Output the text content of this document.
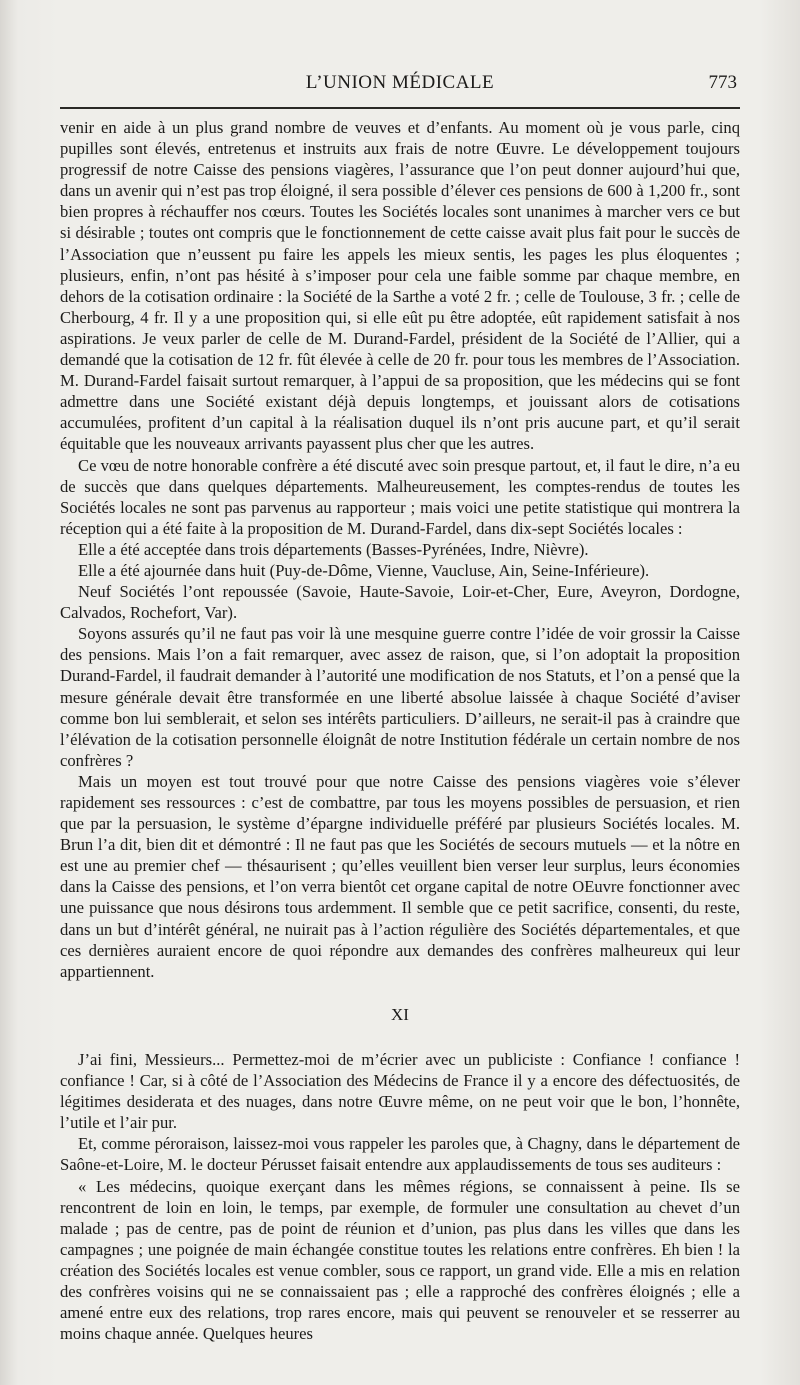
L’UNION MÉDICALE	773

venir en aide à un plus grand nombre de veuves et d’enfants. Au moment où je vous parle, cinq pupilles sont élevés, entretenus et instruits aux frais de notre Œuvre. Le développement toujours progressif de notre Caisse des pensions viagères, l’assurance que l’on peut donner aujourd’hui que, dans un avenir qui n’est pas trop éloigné, il sera possible d’élever ces pensions de 600 à 1,200 fr., sont bien propres à réchauffer nos cœurs. Toutes les Sociétés locales sont unanimes à marcher vers ce but si désirable ; toutes ont compris que le fonctionnement de cette caisse avait plus fait pour le succès de l’Association que n’eussent pu faire les appels les mieux sentis, les pages les plus éloquentes ; plusieurs, enfin, n’ont pas hésité à s’imposer pour cela une faible somme par chaque membre, en dehors de la cotisation ordinaire : la Société de la Sarthe a voté 2 fr. ; celle de Toulouse, 3 fr. ; celle de Cherbourg, 4 fr. Il y a une proposition qui, si elle eût pu être adoptée, eût rapidement satisfait à nos aspirations. Je veux parler de celle de M. Durand-Fardel, président de la Société de l’Allier, qui a demandé que la cotisation de 12 fr. fût élevée à celle de 20 fr. pour tous les membres de l’Association. M. Durand-Fardel faisait surtout remarquer, à l’appui de sa proposition, que les médecins qui se font admettre dans une Société existant déjà depuis longtemps, et jouissant alors de cotisations accumulées, profitent d’un capital à la réalisation duquel ils n’ont pris aucune part, et qu’il serait équitable que les nouveaux arrivants payassent plus cher que les autres.

Ce vœu de notre honorable confrère a été discuté avec soin presque partout, et, il faut le dire, n’a eu de succès que dans quelques départements. Malheureusement, les comptes-rendus de toutes les Sociétés locales ne sont pas parvenus au rapporteur ; mais voici une petite statistique qui montrera la réception qui a été faite à la proposition de M. Durand-Fardel, dans dix-sept Sociétés locales :

Elle a été acceptée dans trois départements (Basses-Pyrénées, Indre, Nièvre).

Elle a été ajournée dans huit (Puy-de-Dôme, Vienne, Vaucluse, Ain, Seine-Inférieure).

Neuf Sociétés l’ont repoussée (Savoie, Haute-Savoie, Loir-et-Cher, Eure, Aveyron, Dordogne, Calvados, Rochefort, Var).

Soyons assurés qu’il ne faut pas voir là une mesquine guerre contre l’idée de voir grossir la Caisse des pensions. Mais l’on a fait remarquer, avec assez de raison, que, si l’on adoptait la proposition Durand-Fardel, il faudrait demander à l’autorité une modification de nos Statuts, et l’on a pensé que la mesure générale devait être transformée en une liberté absolue laissée à chaque Société d’aviser comme bon lui semblerait, et selon ses intérêts particuliers. D’ailleurs, ne serait-il pas à craindre que l’élévation de la cotisation personnelle éloignât de notre Institution fédérale un certain nombre de nos confrères ?

Mais un moyen est tout trouvé pour que notre Caisse des pensions viagères voie s’élever rapidement ses ressources : c’est de combattre, par tous les moyens possibles de persuasion, et rien que par la persuasion, le système d’épargne individuelle préféré par plusieurs Sociétés locales. M. Brun l’a dit, bien dit et démontré : Il ne faut pas que les Sociétés de secours mutuels — et la nôtre en est une au premier chef — thésaurisent ; qu’elles veuillent bien verser leur surplus, leurs économies dans la Caisse des pensions, et l’on verra bientôt cet organe capital de notre OEuvre fonctionner avec une puissance que nous désirons tous ardemment. Il semble que ce petit sacrifice, consenti, du reste, dans un but d’intérêt général, ne nuirait pas à l’action régulière des Sociétés départementales, et que ces dernières auraient encore de quoi répondre aux demandes des confrères malheureux qui leur appartiennent.

XI

J’ai fini, Messieurs... Permettez-moi de m’écrier avec un publiciste : Confiance ! confiance ! confiance ! Car, si à côté de l’Association des Médecins de France il y a encore des défectuosités, de légitimes desiderata et des nuages, dans notre Œuvre même, on ne peut voir que le bon, l’honnête, l’utile et l’air pur.

Et, comme péroraison, laissez-moi vous rappeler les paroles que, à Chagny, dans le département de Saône-et-Loire, M. le docteur Pérusset faisait entendre aux applaudissements de tous ses auditeurs :

« Les médecins, quoique exerçant dans les mêmes régions, se connaissent à peine. Ils se rencontrent de loin en loin, le temps, par exemple, de formuler une consultation au chevet d’un malade ; pas de centre, pas de point de réunion et d’union, pas plus dans les villes que dans les campagnes ; une poignée de main échangée constitue toutes les relations entre confrères. Eh bien ! la création des Sociétés locales est venue combler, sous ce rapport, un grand vide. Elle a mis en relation des confrères voisins qui ne se connaissaient pas ; elle a rapproché des confrères éloignés ; elle a amené entre eux des relations, trop rares encore, mais qui peuvent se renouveler et se resserrer au moins chaque année. Quelques heures
